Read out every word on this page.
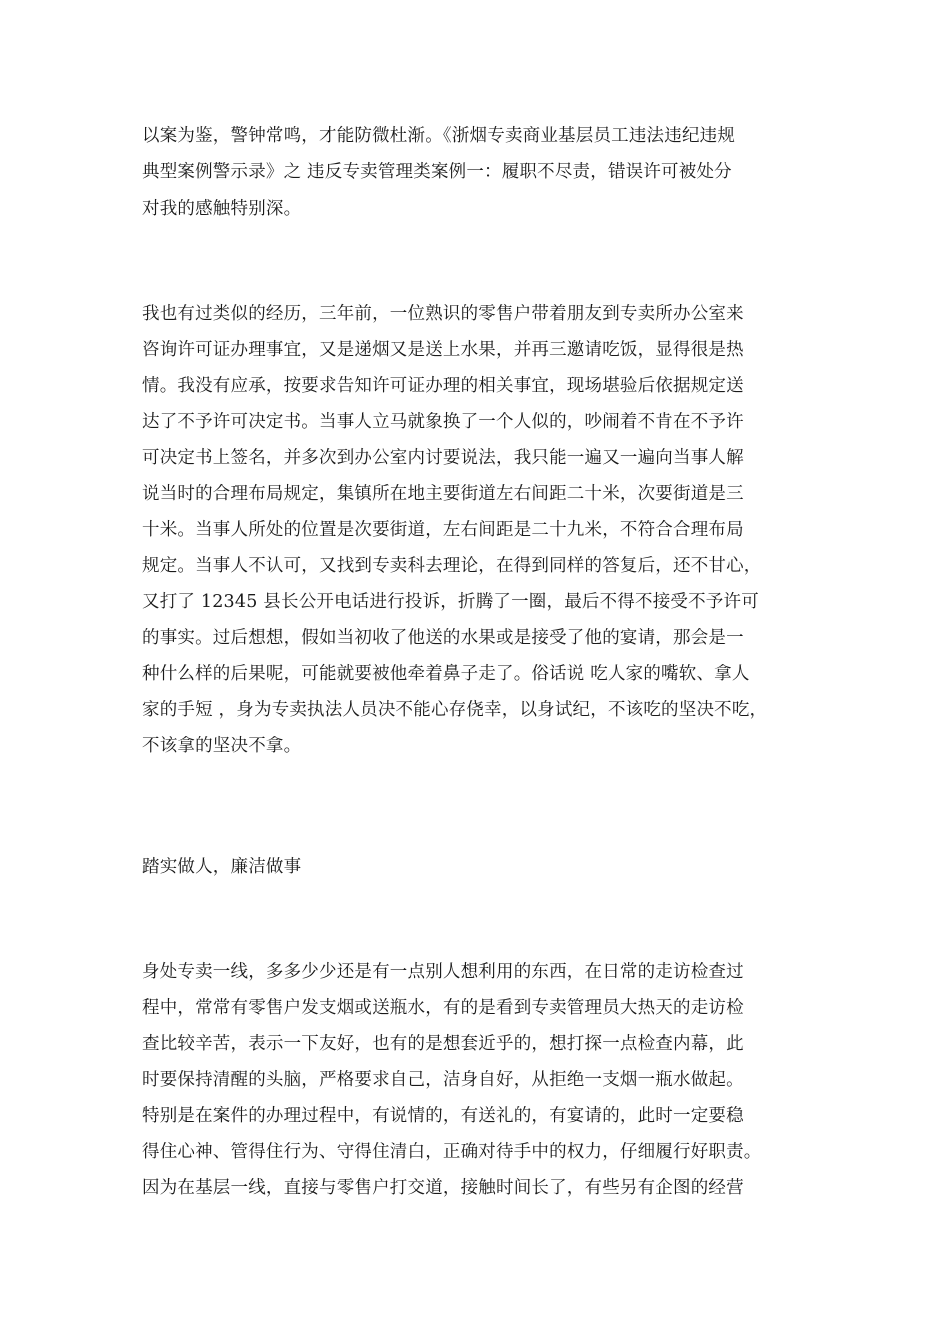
以案为鉴，警钟常鸣，才能防微杜渐。《浙烟专卖商业基层员工违法违纪违规
典型案例警示录》之 违反专卖管理类案例一：履职不尽责，错误许可被处分
对我的感触特别深。
我也有过类似的经历，三年前，一位熟识的零售户带着朋友到专卖所办公室来
咨询许可证办理事宜，又是递烟又是送上水果，并再三邀请吃饭，显得很是热
情。我没有应承，按要求告知许可证办理的相关事宜，现场堪验后依据规定送
达了不予许可决定书。当事人立马就象换了一个人似的，吵闹着不肯在不予许
可决定书上签名，并多次到办公室内讨要说法，我只能一遍又一遍向当事人解
说当时的合理布局规定，集镇所在地主要街道左右间距二十米，次要街道是三
十米。当事人所处的位置是次要街道，左右间距是二十九米，不符合合理布局
规定。当事人不认可，又找到专卖科去理论，在得到同样的答复后，还不甘心，
又打了 12345 县长公开电话进行投诉，折腾了一圈，最后不得不接受不予许可
的事实。过后想想，假如当初收了他送的水果或是接受了他的宴请，那会是一
种什么样的后果呢，可能就要被他牵着鼻子走了。俗话说 吃人家的嘴软、拿人
家的手短 ，身为专卖执法人员决不能心存侥幸，以身试纪，不该吃的坚决不吃，
不该拿的坚决不拿。
踏实做人，廉洁做事
身处专卖一线，多多少少还是有一点别人想利用的东西，在日常的走访检查过
程中，常常有零售户发支烟或送瓶水，有的是看到专卖管理员大热天的走访检
查比较辛苦，表示一下友好，也有的是想套近乎的，想打探一点检查内幕，此
时要保持清醒的头脑，严格要求自己，洁身自好，从拒绝一支烟一瓶水做起。
特别是在案件的办理过程中，有说情的，有送礼的，有宴请的，此时一定要稳
得住心神、管得住行为、守得住清白，正确对待手中的权力，仔细履行好职责。
因为在基层一线，直接与零售户打交道，接触时间长了，有些另有企图的经营
